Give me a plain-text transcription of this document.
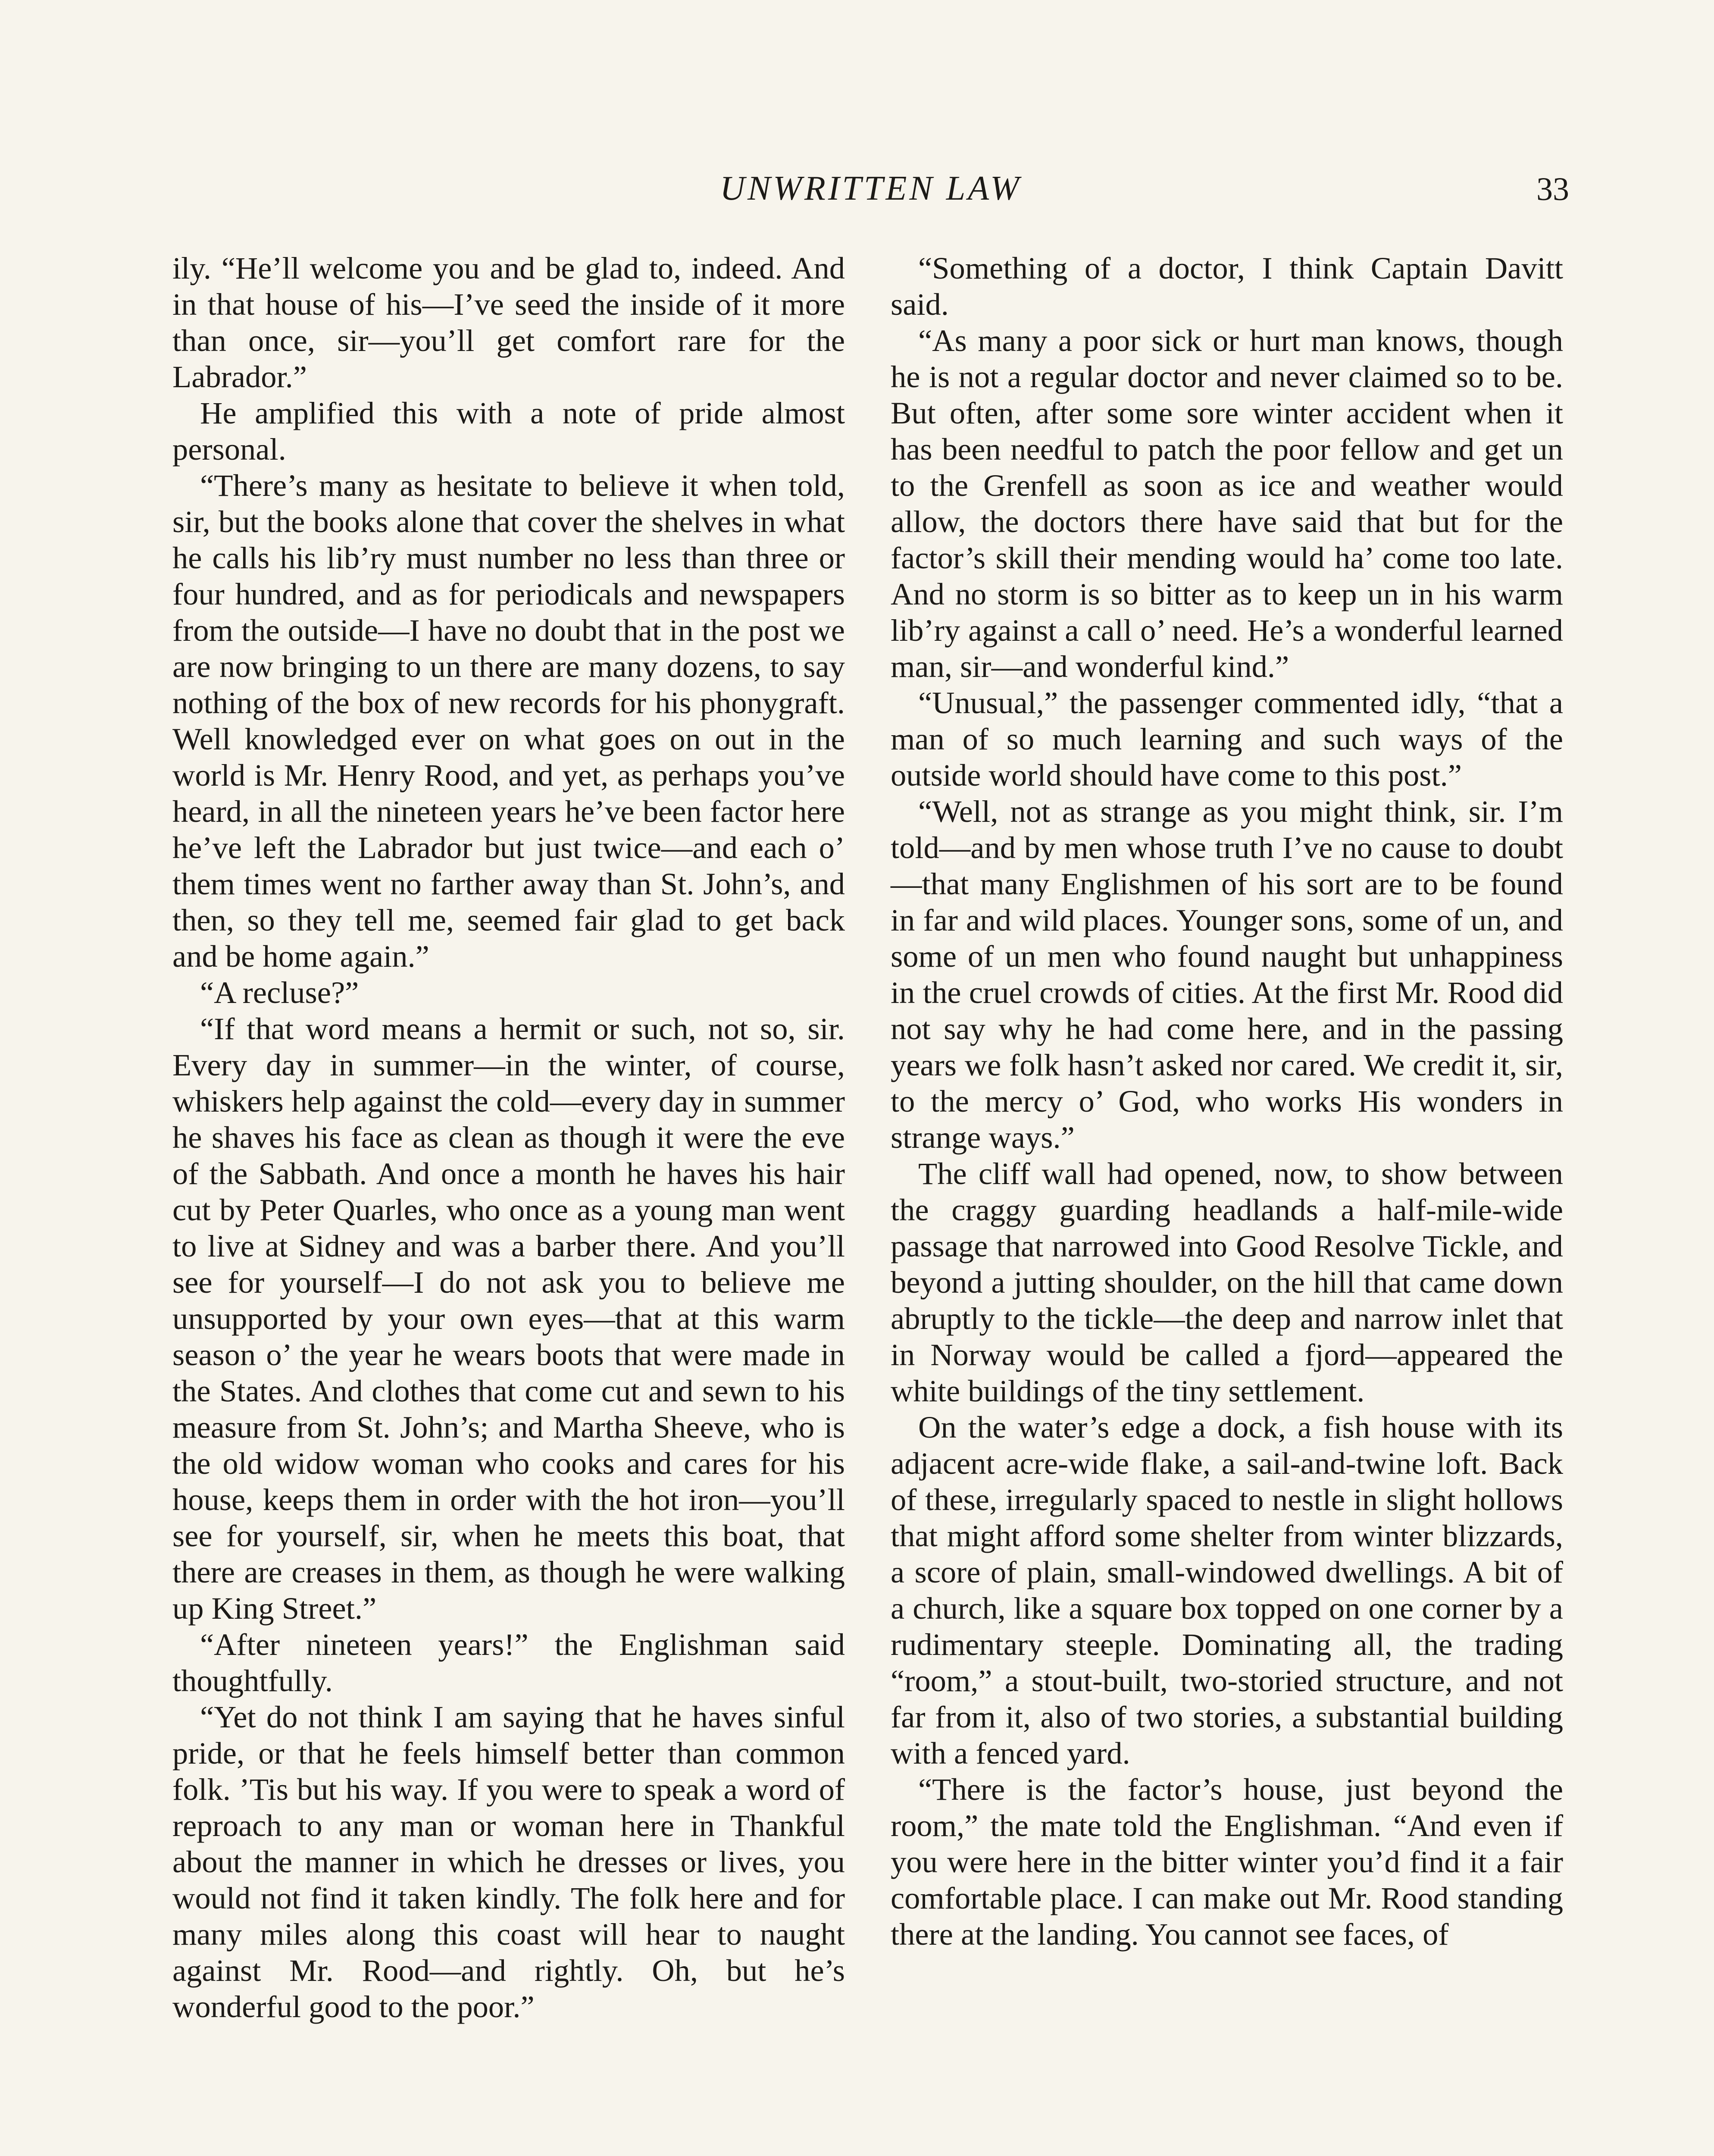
UNWRITTEN LAW	33

ily. “He’ll welcome you and be glad to, indeed. And in that house of his—I’ve seed the inside of it more than once, sir—you’ll get comfort rare for the Labrador.”

He amplified this with a note of pride almost personal.

“There’s many as hesitate to believe it when told, sir, but the books alone that cover the shelves in what he calls his lib’ry must number no less than three or four hundred, and as for periodicals and newspapers from the outside—I have no doubt that in the post we are now bringing to un there are many dozens, to say nothing of the box of new records for his phonygraft. Well knowledged ever on what goes on out in the world is Mr. Henry Rood, and yet, as perhaps you’ve heard, in all the nineteen years he’ve been factor here he’ve left the Labrador but just twice—and each o’ them times went no farther away than St. John’s, and then, so they tell me, seemed fair glad to get back and be home again.”

“A recluse?”

“If that word means a hermit or such, not so, sir. Every day in summer—in the winter, of course, whiskers help against the cold—every day in summer he shaves his face as clean as though it were the eve of the Sabbath. And once a month he haves his hair cut by Peter Quarles, who once as a young man went to live at Sidney and was a barber there. And you’ll see for yourself—I do not ask you to believe me unsupported by your own eyes—that at this warm season o’ the year he wears boots that were made in the States. And clothes that come cut and sewn to his measure from St. John’s; and Martha Sheeve, who is the old widow woman who cooks and cares for his house, keeps them in order with the hot iron—you’ll see for yourself, sir, when he meets this boat, that there are creases in them, as though he were walking up King Street.”

“After nineteen years!” the Englishman said thoughtfully.

“Yet do not think I am saying that he haves sinful pride, or that he feels himself better than common folk. ’Tis but his way. If you were to speak a word of reproach to any man or woman here in Thankful about the manner in which he dresses or lives, you would not find it taken kindly. The folk here and for many miles along this coast will hear to naught against Mr. Rood—and rightly. Oh, but he’s wonderful good to the poor.”

“Something of a doctor, I think Captain Davitt said.

“As many a poor sick or hurt man knows, though he is not a regular doctor and never claimed so to be. But often, after some sore winter accident when it has been needful to patch the poor fellow and get un to the Grenfell as soon as ice and weather would allow, the doctors there have said that but for the factor’s skill their mending would ha’ come too late. And no storm is so bitter as to keep un in his warm lib’ry against a call o’ need. He’s a wonderful learned man, sir—and wonderful kind.”

“Unusual,” the passenger commented idly, “that a man of so much learning and such ways of the outside world should have come to this post.”

“Well, not as strange as you might think, sir. I’m told—and by men whose truth I’ve no cause to doubt—that many Englishmen of his sort are to be found in far and wild places. Younger sons, some of un, and some of un men who found naught but unhappiness in the cruel crowds of cities. At the first Mr. Rood did not say why he had come here, and in the passing years we folk hasn’t asked nor cared. We credit it, sir, to the mercy o’ God, who works His wonders in strange ways.”

The cliff wall had opened, now, to show between the craggy guarding headlands a half-mile-wide passage that narrowed into Good Resolve Tickle, and beyond a jutting shoulder, on the hill that came down abruptly to the tickle—the deep and narrow inlet that in Norway would be called a fjord—appeared the white buildings of the tiny settlement.

On the water’s edge a dock, a fish house with its adjacent acre-wide flake, a sail-and-twine loft. Back of these, irregularly spaced to nestle in slight hollows that might afford some shelter from winter blizzards, a score of plain, small-windowed dwellings. A bit of a church, like a square box topped on one corner by a rudimentary steeple. Dominating all, the trading “room,” a stout-built, two-storied structure, and not far from it, also of two stories, a substantial building with a fenced yard.

“There is the factor’s house, just beyond the room,” the mate told the Englishman. “And even if you were here in the bitter winter you’d find it a fair comfortable place. I can make out Mr. Rood standing there at the landing. You cannot see faces, of
